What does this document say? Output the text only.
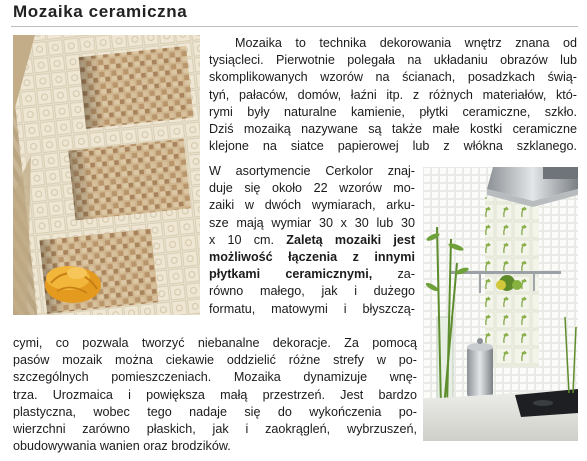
Mozaika ceramiczna
Mozaika to technika dekorowania wnętrz znana od
tysiącleci. Pierwotnie polegała na układaniu obrazów lub
skomplikowanych wzorów na ścianach, posadzkach świą-
tyń, pałaców, domów, łaźni itp. z różnych materiałów, któ-
rymi były naturalne kamienie, płytki ceramiczne, szkło.
Dziś mozaiką nazywane są także małe kostki ceramiczne
klejone na siatce papierowej lub z włókna szklanego.
W asortymencie Cerkolor znaj-
duje się około 22 wzorów mo-
zaiki w dwóch wymiarach, arku-
sze mają wymiar 30 x 30 lub 30
x 10 cm. Zaletą mozaiki jest
możliwość łączenia z innymi
płytkami ceramicznymi, za-
równo małego, jak i dużego
formatu, matowymi i błyszczą-
cymi, co pozwala tworzyć niebanalne dekoracje. Za pomocą
pasów mozaik można ciekawie oddzielić różne strefy w po-
szczególnych pomieszczeniach. Mozaika dynamizuje wnę-
trza. Urozmaica i powiększa małą przestrzeń. Jest bardzo
plastyczna, wobec tego nadaje się do wykończenia po-
wierzchni zarówno płaskich, jak i zaokrągleń, wybrzuszeń,
obudowywania wanien oraz brodzików.
